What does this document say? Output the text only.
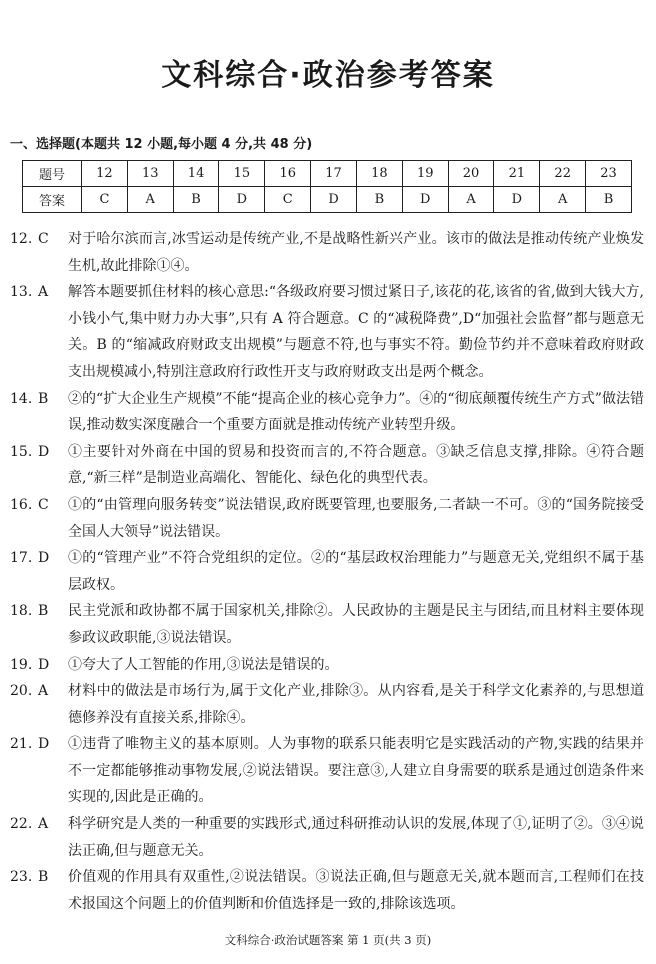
文科综合·政治参考答案
一、选择题(本题共 12 小题,每小题 4 分,共 48 分)
题号	12	13	14	15	16	17	18	19	20	21	22	23
答案	C	A	B	D	C	D	B	D	A	D	A	B
12. C	对于哈尔滨而言,冰雪运动是传统产业,不是战略性新兴产业。该市的做法是推动传统产业焕发生机,故此排除①④。
13. A	解答本题要抓住材料的核心意思:“各级政府要习惯过紧日子,该花的花,该省的省,做到大钱大方,小钱小气,集中财力办大事”,只有 A 符合题意。C 的“减税降费”,D“加强社会监督”都与题意无关。B 的“缩减政府财政支出规模”与题意不符,也与事实不符。勤俭节约并不意味着政府财政支出规模减小,特别注意政府行政性开支与政府财政支出是两个概念。
14. B	②的“扩大企业生产规模”不能“提高企业的核心竞争力”。④的“彻底颠覆传统生产方式”做法错误,推动数实深度融合一个重要方面就是推动传统产业转型升级。
15. D	①主要针对外商在中国的贸易和投资而言的,不符合题意。③缺乏信息支撑,排除。④符合题意,“新三样”是制造业高端化、智能化、绿色化的典型代表。
16. C	①的“由管理向服务转变”说法错误,政府既要管理,也要服务,二者缺一不可。③的“国务院接受全国人大领导”说法错误。
17. D	①的“管理产业”不符合党组织的定位。②的“基层政权治理能力”与题意无关,党组织不属于基层政权。
18. B	民主党派和政协都不属于国家机关,排除②。人民政协的主题是民主与团结,而且材料主要体现参政议政职能,③说法错误。
19. D	①夸大了人工智能的作用,③说法是错误的。
20. A	材料中的做法是市场行为,属于文化产业,排除③。从内容看,是关于科学文化素养的,与思想道德修养没有直接关系,排除④。
21. D	①违背了唯物主义的基本原则。人为事物的联系只能表明它是实践活动的产物,实践的结果并不一定都能够推动事物发展,②说法错误。要注意③,人建立自身需要的联系是通过创造条件来实现的,因此是正确的。
22. A	科学研究是人类的一种重要的实践形式,通过科研推动认识的发展,体现了①,证明了②。③④说法正确,但与题意无关。
23. B	价值观的作用具有双重性,②说法错误。③说法正确,但与题意无关,就本题而言,工程师们在技术报国这个问题上的价值判断和价值选择是一致的,排除该选项。
文科综合·政治试题答案 第 1 页(共 3 页)
